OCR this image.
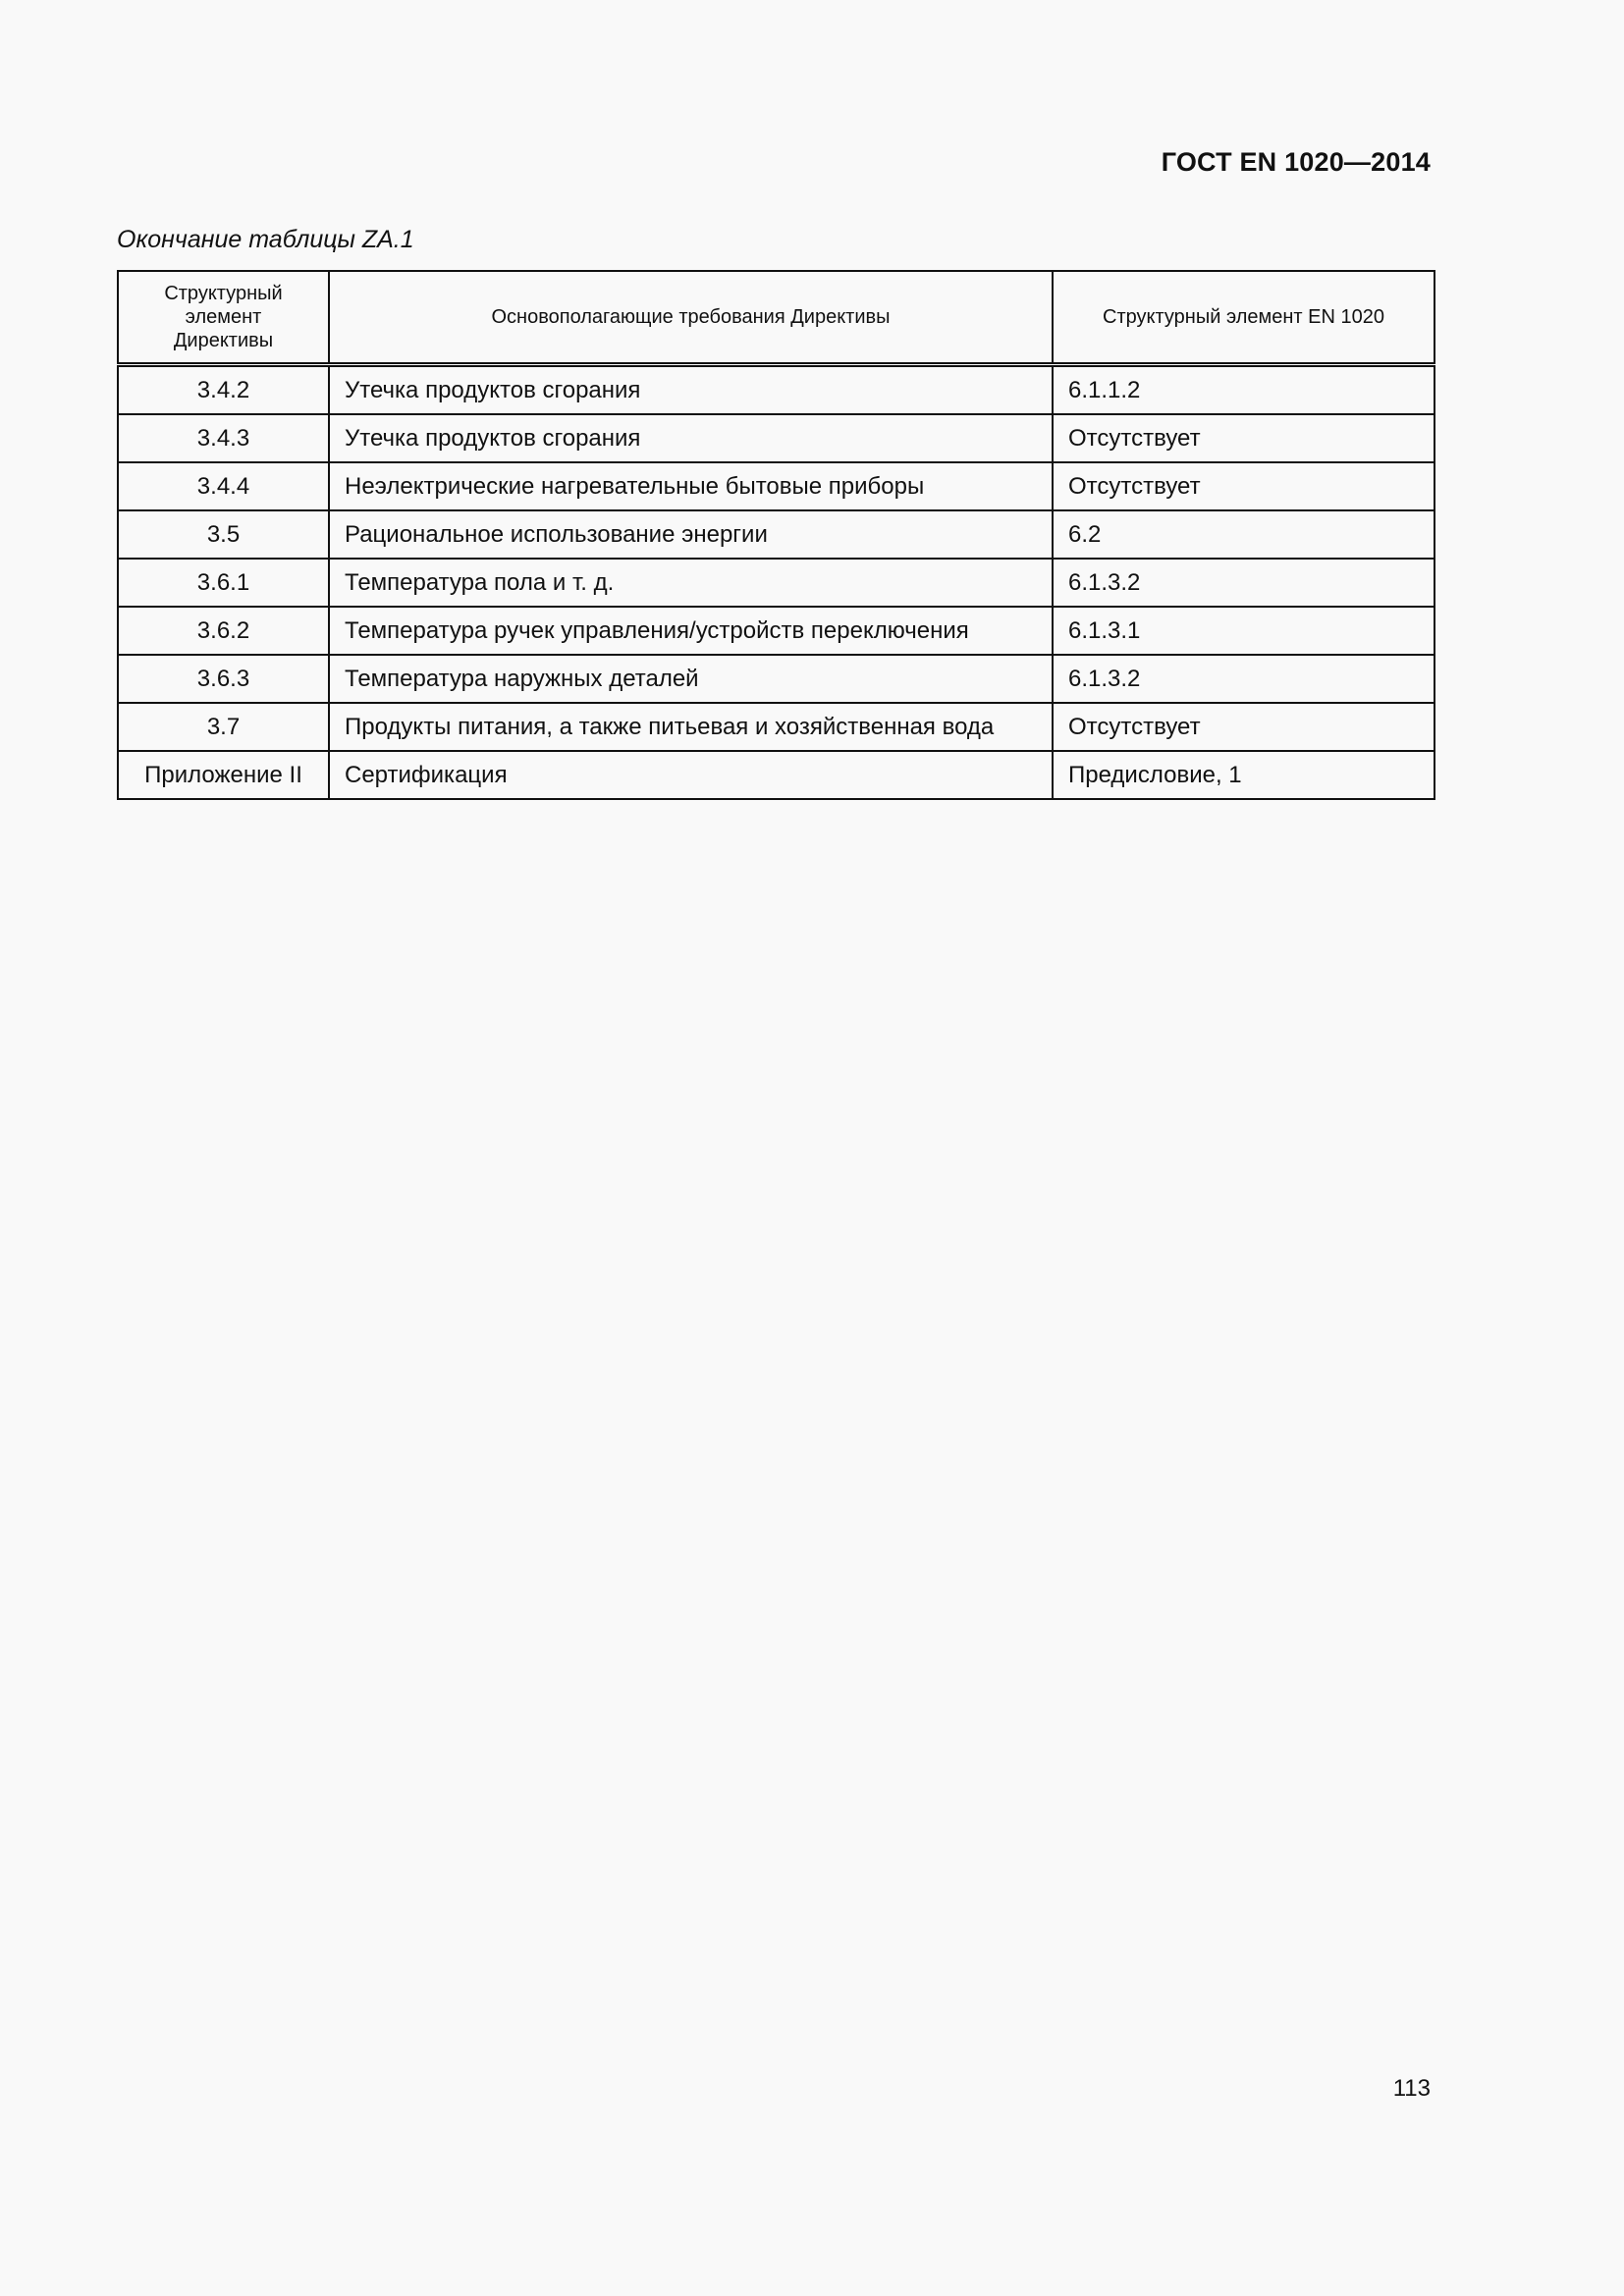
ГОСТ EN 1020—2014
Окончание таблицы ZA.1
Структурный элемент Директивы	Основополагающие требования Директивы	Структурный элемент EN 1020
3.4.2	Утечка продуктов сгорания	6.1.1.2
3.4.3	Утечка продуктов сгорания	Отсутствует
3.4.4	Неэлектрические нагревательные бытовые приборы	Отсутствует
3.5	Рациональное использование энергии	6.2
3.6.1	Температура пола и т. д.	6.1.3.2
3.6.2	Температура ручек управления/устройств переключения	6.1.3.1
3.6.3	Температура наружных деталей	6.1.3.2
3.7	Продукты питания, а также питьевая и хозяйственная вода	Отсутствует
Приложение II	Сертификация	Предисловие, 1
113
